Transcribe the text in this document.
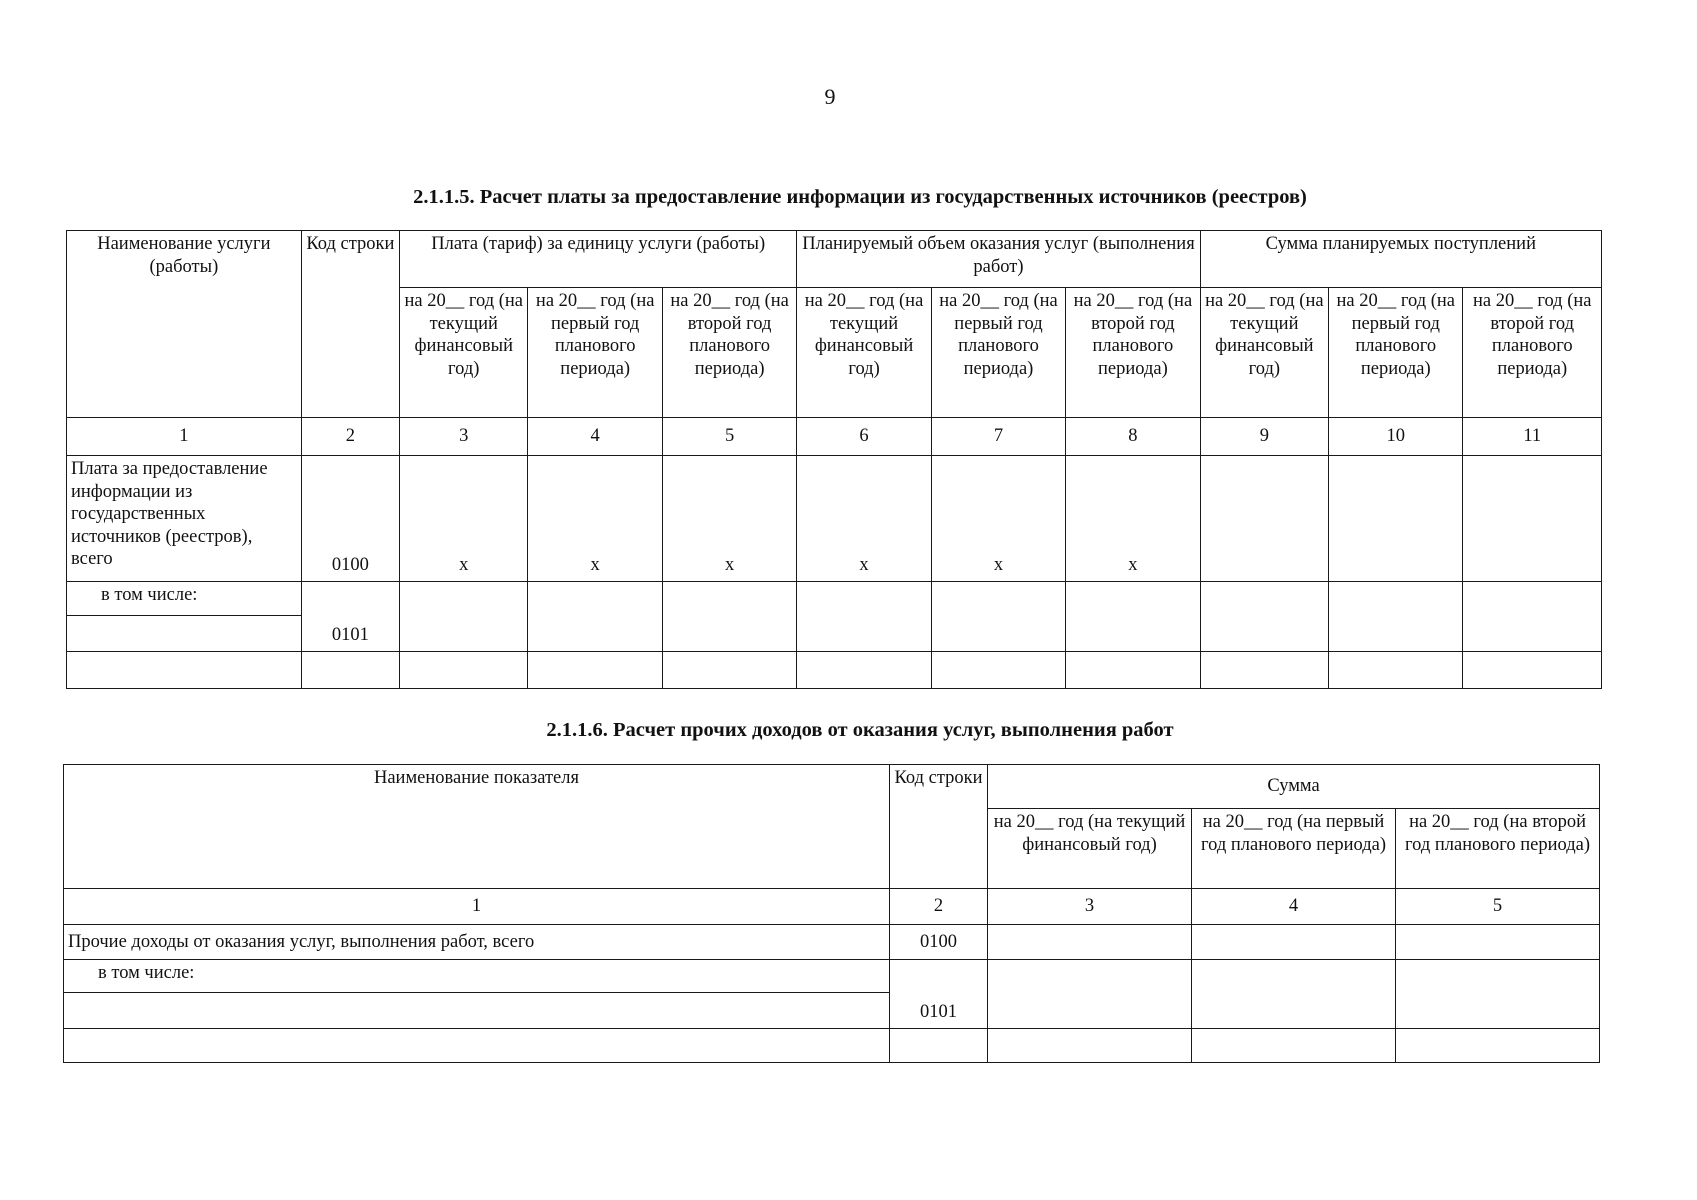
9
2.1.1.5. Расчет платы за предоставление информации из государственных источников (реестров)
Наименование услуги (работы)	Код строки	Плата (тариф) за единицу услуги (работы)			Планируемый объем оказания услуг (выполнения работ)			Сумма планируемых поступлений		
		на 20__ год (на текущий финансовый год)	на 20__ год (на первый год планового периода)	на 20__ год (на второй год планового периода)	на 20__ год (на текущий финансовый год)	на 20__ год (на первый год планового периода)	на 20__ год (на второй год планового периода)	на 20__ год (на текущий финансовый год)	на 20__ год (на первый год планового периода)	на 20__ год (на второй год планового периода)
1	2	3	4	5	6	7	8	9	10	11
Плата за предоставление информации из государственных источников (реестров), всего	0100	x	x	x	x	x	x			
в том числе:	0101									

2.1.1.6. Расчет прочих доходов от оказания услуг, выполнения работ
Наименование показателя	Код строки	Сумма		
		на 20__ год (на текущий финансовый год)	на 20__ год (на первый год планового периода)	на 20__ год (на второй год планового периода)
1	2	3	4	5
Прочие доходы от оказания услуг, выполнения работ, всего	0100			
в том числе:	0101			
